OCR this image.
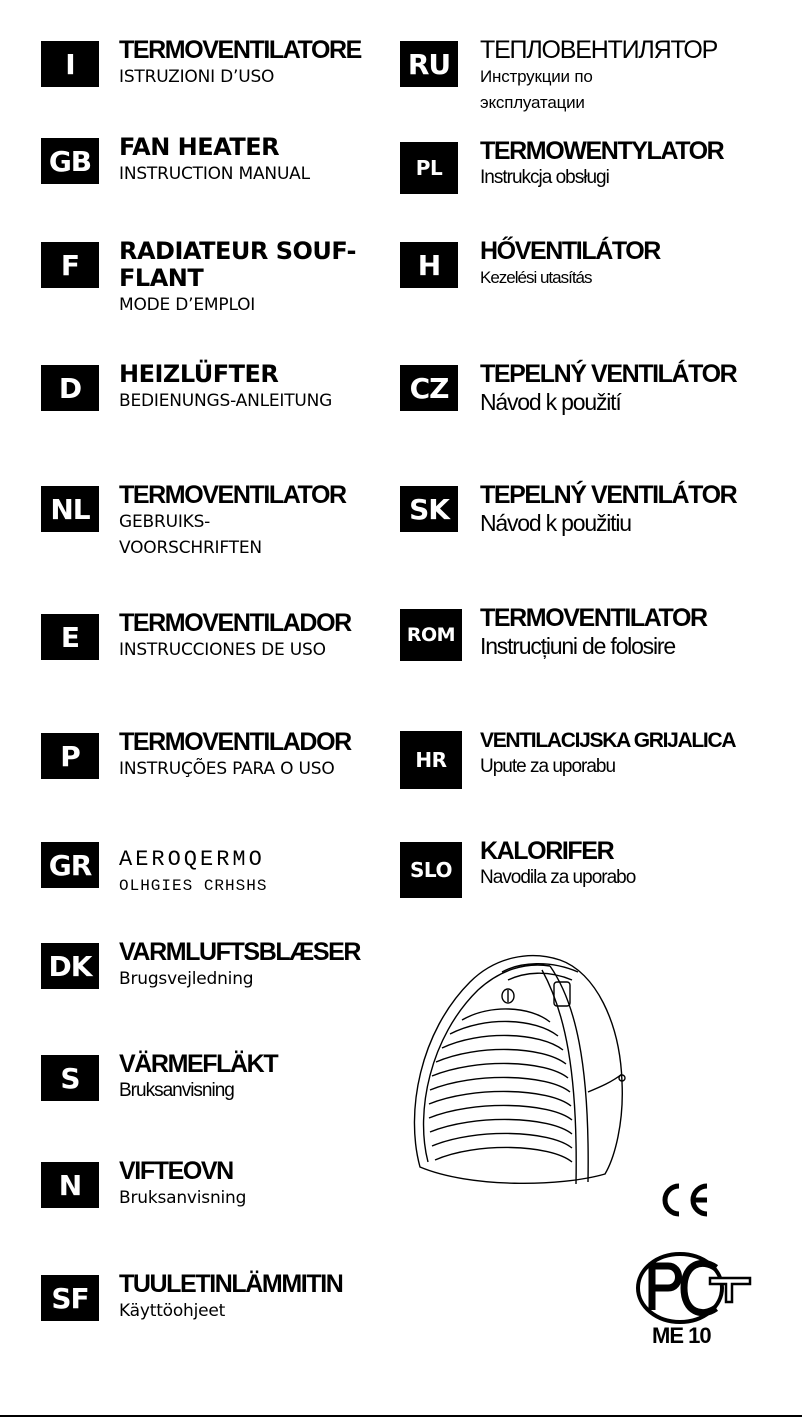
I	TERMOVENTILATORE
ISTRUZIONI D’USO
GB	FAN HEATER
INSTRUCTION MANUAL
F	RADIATEUR SOUF-
FLANT
MODE D’EMPLOI
D	HEIZLÜFTER
BEDIENUNGS-ANLEITUNG
NL	TERMOVENTILATOR
GEBRUIKS-
VOORSCHRIFTEN
E	TERMOVENTILADOR
INSTRUCCIONES DE USO
P	TERMOVENTILADOR
INSTRUÇÕES PARA O USO
GR	AEROQERMO
OLHGIES CRHSHS
DK	VARMLUFTSBLÆSER
Brugsvejledning
S	VÄRMEFLÄKT
Bruksanvisning
N	VIFTEOVN
Bruksanvisning
SF	TUULETINLÄMMITIN
Käyttöohjeet
RU	ТЕПЛОВЕНТИЛЯТОР
Инструкции по
эксплуатации
PL
TERMOWENTYLATOR
Instrukcja obsługi
H	HŐVENTILÁTOR
Kezelési utasítás
CZ	TEPELNÝ VENTILÁTOR
Návod k použití
SK	TEPELNÝ VENTILÁTOR
Návod k použitiu
ROM
TERMOVENTILATOR
Instrucțiuni de folosire
HR
VENTILACIJSKA GRIJALICA
Upute za uporabu
SLO
KALORIFER
Navodila za uporabo
ME 10
